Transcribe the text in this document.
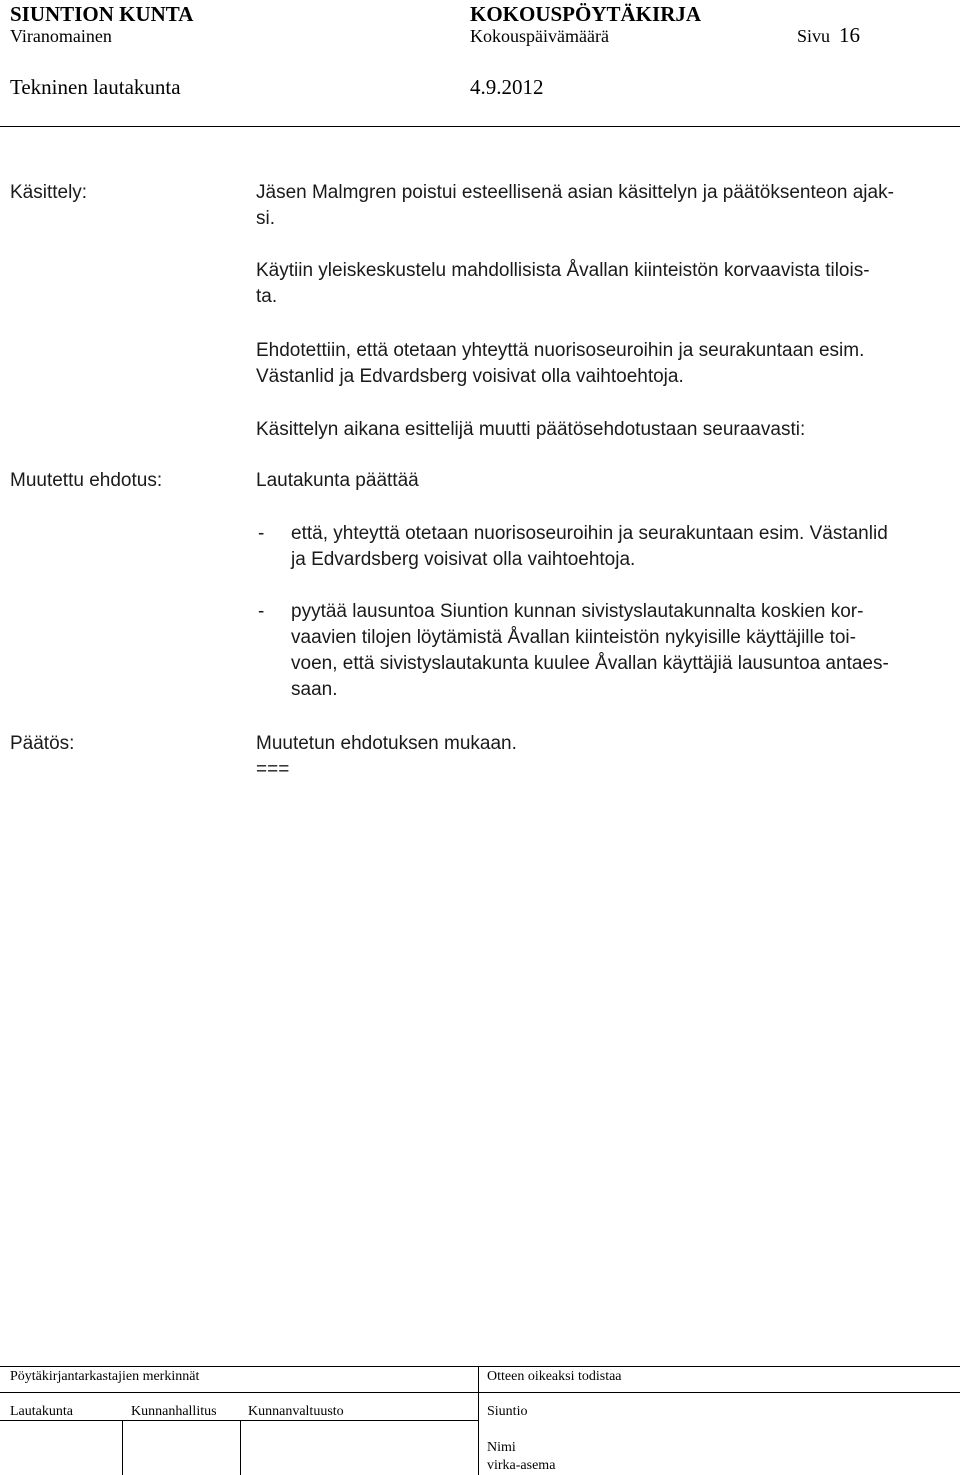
SIUNTION KUNTA	KOKOUSPÖYTÄKIRJA
Viranomainen	Kokouspäivämäärä	Sivu 16
Tekninen lautakunta	4.9.2012
Käsittely:	Jäsen Malmgren poistui esteellisenä asian käsittelyn ja päätöksenteon ajak-
si.
Käytiin yleiskeskustelu mahdollisista Åvallan kiinteistön korvaavista tilois-
ta.
Ehdotettiin, että otetaan yhteyttä nuorisoseuroihin ja seurakuntaan esim.
Västanlid ja Edvardsberg voisivat olla vaihtoehtoja.
Käsittelyn aikana esittelijä muutti päätösehdotustaan seuraavasti:
Muutettu ehdotus:	Lautakunta päättää
- että, yhteyttä otetaan nuorisoseuroihin ja seurakuntaan esim. Västanlid
ja Edvardsberg voisivat olla vaihtoehtoja.
- pyytää lausuntoa Siuntion kunnan sivistyslautakunnalta koskien kor-
vaavien tilojen löytämistä Åvallan kiinteistön nykyisille käyttäjille toi-
voen, että sivistyslautakunta kuulee Åvallan käyttäjiä lausuntoa antaes-
saan.
Päätös:	Muutetun ehdotuksen mukaan.
===
Pöytäkirjantarkastajien merkinnät	Otteen oikeaksi todistaa
Lautakunta	Kunnanhallitus Kunnanvaltuusto	Siuntio
Nimi
virka-asema
